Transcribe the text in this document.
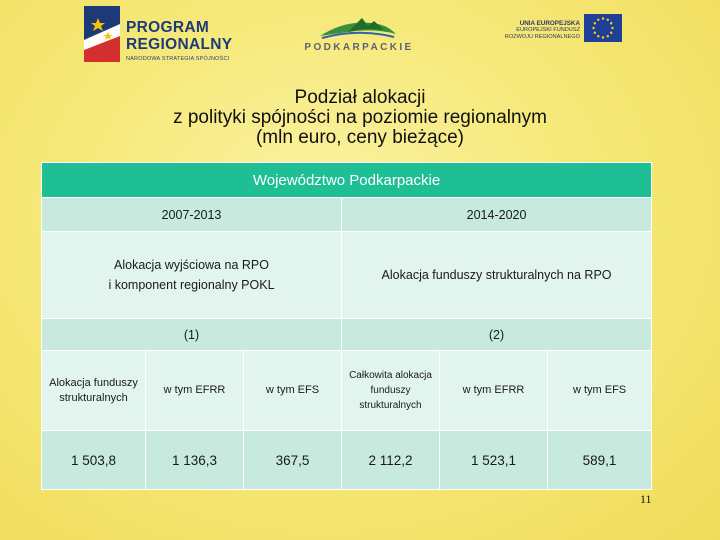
PROGRAM
REGIONALNY
NARODOWA STRATEGIA SPÓJNOŚCI
PODKARPACKIE
UNIA EUROPEJSKA
EUROPEJSKI FUNDUSZ
ROZWOJU REGIONALNEGO
Podział alokacji
z polityki spójności na poziomie regionalnym
(mln euro, ceny bieżące)
Województwo Podkarpackie					
2007-2013			2014-2020		
Alokacja wyjściowa na RPO
i komponent regionalny POKL			Alokacja funduszy strukturalnych na RPO		
(1)			(2)		
Alokacja funduszy strukturalnych	w tym EFRR	w tym EFS	Całkowita alokacja funduszy strukturalnych	w tym EFRR	w tym EFS
1 503,8	1 136,3	367,5	2 112,2	1 523,1	589,1
11
